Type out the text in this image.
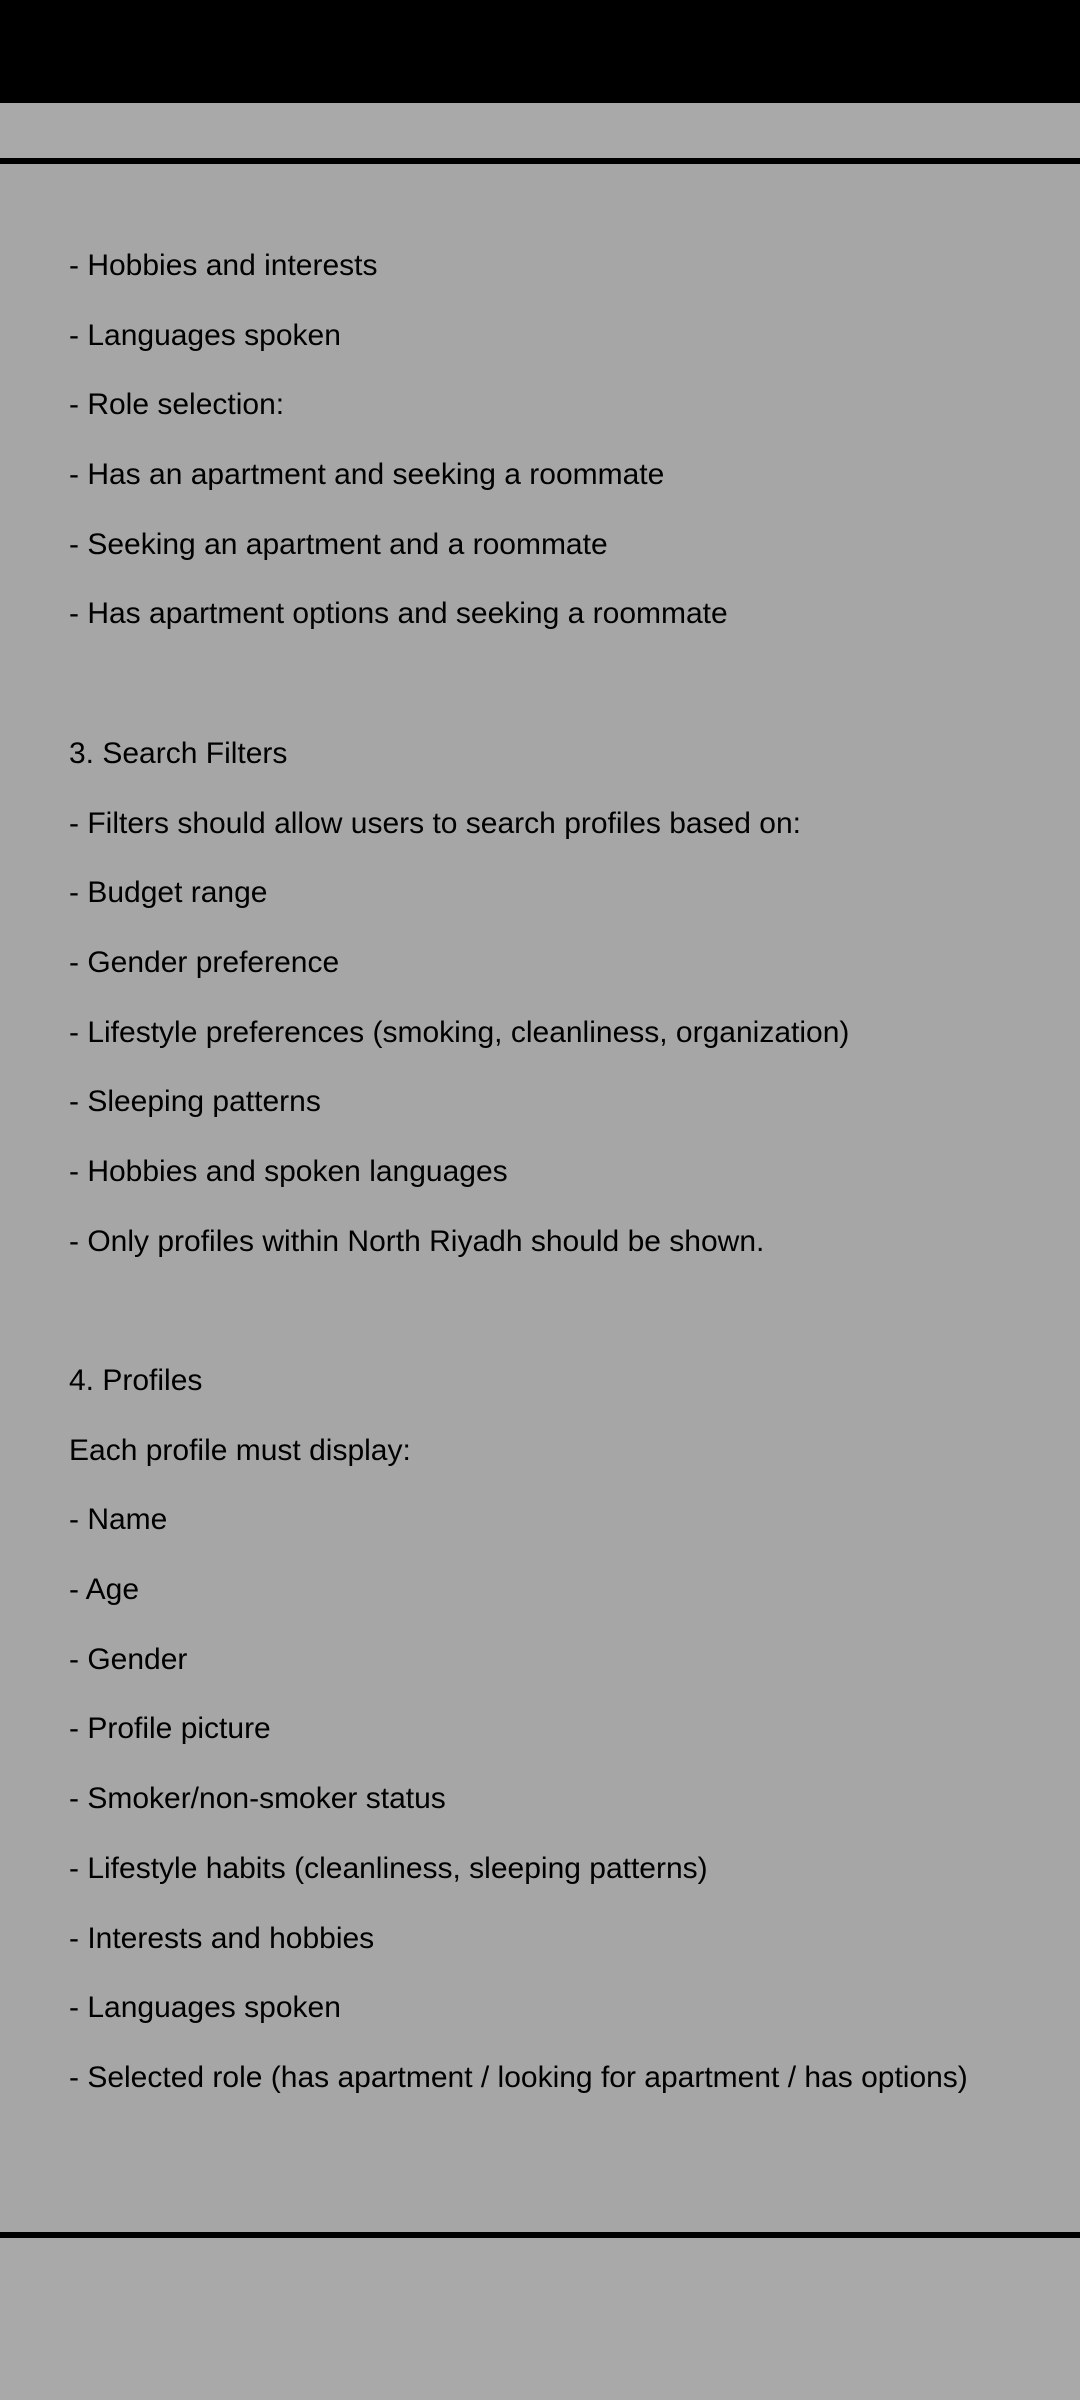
- Hobbies and interests
- Languages spoken
- Role selection:
- Has an apartment and seeking a roommate
- Seeking an apartment and a roommate
- Has apartment options and seeking a roommate
3. Search Filters
- Filters should allow users to search profiles based on:
- Budget range
- Gender preference
- Lifestyle preferences (smoking, cleanliness, organization)
- Sleeping patterns
- Hobbies and spoken languages
- Only profiles within North Riyadh should be shown.
4. Profiles
Each profile must display:
- Name
- Age
- Gender
- Profile picture
- Smoker/non-smoker status
- Lifestyle habits (cleanliness, sleeping patterns)
- Interests and hobbies
- Languages spoken
- Selected role (has apartment / looking for apartment / has options)
